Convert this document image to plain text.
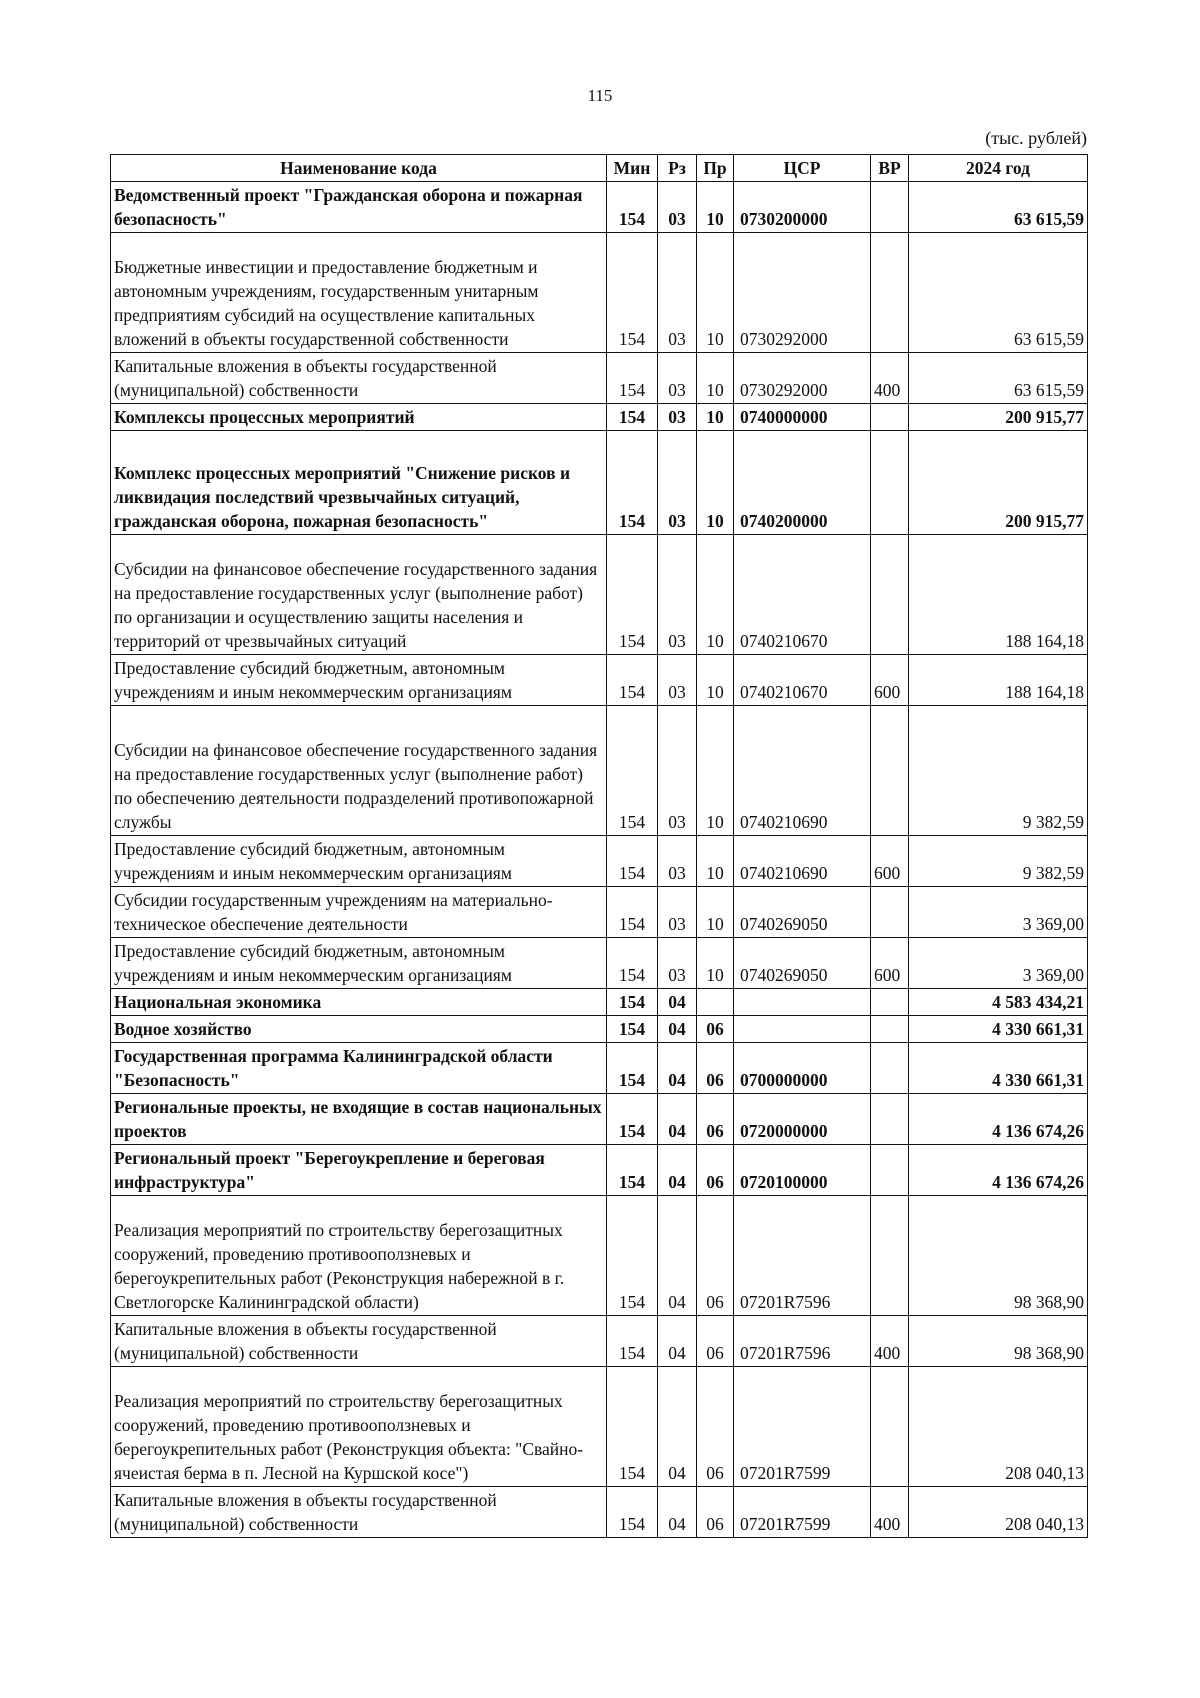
115
(тыс. рублей)
Наименование кода	Мин	Рз	Пр	ЦСР	ВР	2024 год
Ведомственный проект "Гражданская оборона и пожарная безопасность"	154	03	10	0730200000		63 615,59
Бюджетные инвестиции и предоставление бюджетным и автономным учреждениям, государственным унитарным предприятиям субсидий на осуществление капитальных вложений в объекты государственной собственности	154	03	10	0730292000		63 615,59
Капитальные вложения в объекты государственной (муниципальной) собственности	154	03	10	0730292000	400	63 615,59
Комплексы процессных мероприятий	154	03	10	0740000000		200 915,77
Комплекс процессных мероприятий "Снижение рисков и ликвидация последствий чрезвычайных ситуаций, гражданская оборона, пожарная безопасность"	154	03	10	0740200000		200 915,77
Субсидии на финансовое обеспечение государственного задания на предоставление государственных услуг (выполнение работ) по организации и осуществлению защиты населения и территорий от чрезвычайных ситуаций	154	03	10	0740210670		188 164,18
Предоставление субсидий бюджетным, автономным учреждениям и иным некоммерческим организациям	154	03	10	0740210670	600	188 164,18
Субсидии на финансовое обеспечение государственного задания на предоставление государственных услуг (выполнение работ) по обеспечению деятельности подразделений противопожарной службы	154	03	10	0740210690		9 382,59
Предоставление субсидий бюджетным, автономным учреждениям и иным некоммерческим организациям	154	03	10	0740210690	600	9 382,59
Субсидии государственным учреждениям на материально-техническое обеспечение деятельности	154	03	10	0740269050		3 369,00
Предоставление субсидий бюджетным, автономным учреждениям и иным некоммерческим организациям	154	03	10	0740269050	600	3 369,00
Национальная экономика	154	04				4 583 434,21
Водное хозяйство	154	04	06			4 330 661,31
Государственная программа Калининградской области "Безопасность"	154	04	06	0700000000		4 330 661,31
Региональные проекты, не входящие в состав национальных проектов	154	04	06	0720000000		4 136 674,26
Региональный проект "Берегоукрепление и береговая инфраструктура"	154	04	06	0720100000		4 136 674,26
Реализация мероприятий по строительству берегозащитных сооружений, проведению противооползневых и берегоукрепительных работ (Реконструкция набережной в г. Светлогорске Калининградской области)	154	04	06	07201R7596		98 368,90
Капитальные вложения в объекты государственной (муниципальной) собственности	154	04	06	07201R7596	400	98 368,90
Реализация мероприятий по строительству берегозащитных сооружений, проведению противооползневых и берегоукрепительных работ (Реконструкция объекта: "Свайно-ячеистая берма в п. Лесной на Куршской косе")	154	04	06	07201R7599		208 040,13
Капитальные вложения в объекты государственной (муниципальной) собственности	154	04	06	07201R7599	400	208 040,13
